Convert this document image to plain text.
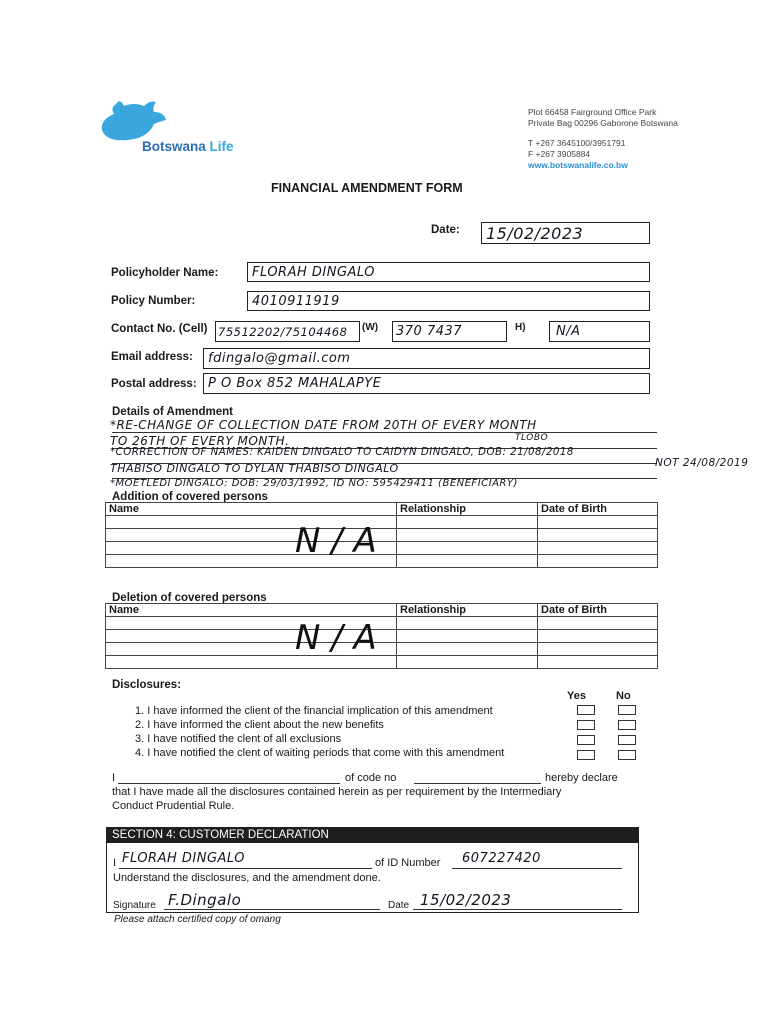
Botswana Life
Plot 66458 Fairground Office Park
Private Bag 00296 Gaborone Botswana
T +267 3645100/3951791
F +267 3905884
www.botswanalife.co.bw
FINANCIAL AMENDMENT FORM
Date: 15/02/2023
Policyholder Name:	FLORAH DINGALO
Policy Number:	4010911919
Contact No. (Cell) 75512202/75104468 (W) 370 7437	H) N/A
Email address: fdingalo@gmail.com
Postal address: P O Box 852 MAHALAPYE
Details of Amendment
*RE-CHANGE OF COLLECTION DATE FROM 20TH OF EVERY MONTH
TO 26TH OF EVERY MONTH.	TLOBO
*CORRECTION OF NAMES: KAIDEN DINGALO TO CAIDYN DINGALO, DOB: 21/08/2018
THABISO DINGALO TO DYLAN THABISO DINGALO	NOT 24/08/2019
*MOETLEDI DINGALO: DOB: 29/03/1992, ID NO: 595429411 (BENEFICIARY)
Addition of covered persons
Name	Relationship	Date of Birth

N / A
Deletion of covered persons
Name	Relationship	Date of Birth

N / A
Disclosures:
Yes	No
1. I have informed the client of the financial implication of this amendment
2. I have informed the client about the new benefits
3. I have notified the clent of all exclusions
4. I have notified the clent of waiting periods that come with this amendment
I	of code no	hereby declare
that I have made all the disclosures contained herein as per requirement by the Intermediary
Conduct Prudential Rule.
SECTION 4: CUSTOMER DECLARATION
I FLORAH DINGALO	of ID Number 607227420
Understand the disclosures, and the amendment done.
Signature F.Dingalo	Date 15/02/2023
Please attach certified copy of omang
